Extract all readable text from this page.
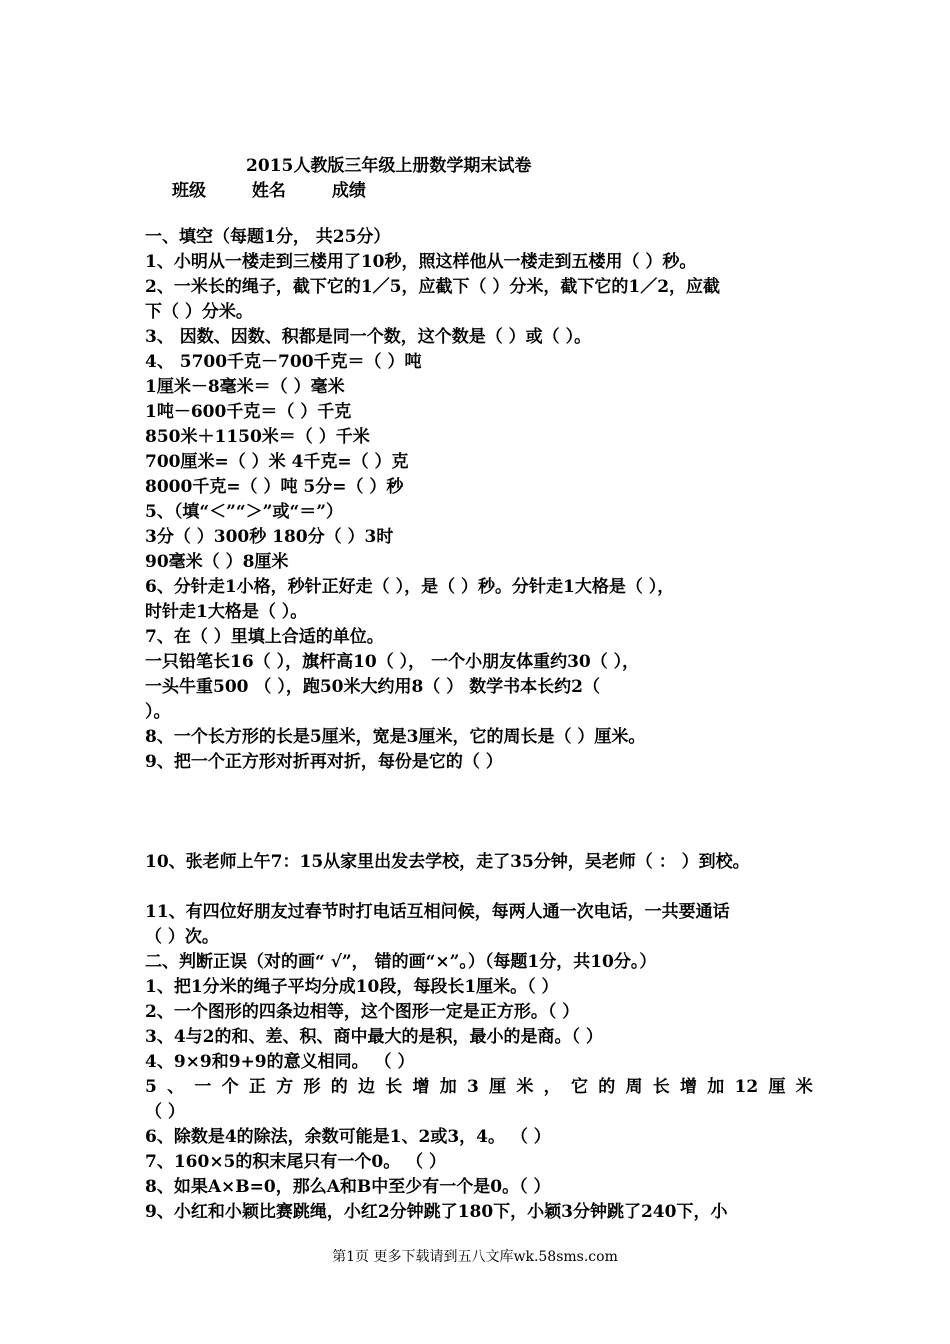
2015人教版三年级上册数学期末试卷
班级	姓名	成绩
一、填空（每题1分， 共25分）
1、小明从一楼走到三楼用了10秒，照这样他从一楼走到五楼用（ ）秒。
2、一米长的绳子，截下它的1／5，应截下（ ）分米，截下它的1／2，应截
下（ ）分米。
3、 因数、因数、积都是同一个数，这个数是（ ）或（ ）。
4、 5700千克－700千克＝（ ）吨
1厘米－8毫米＝（ ）毫米
1吨－600千克＝（ ）千克
850米＋1150米＝（ ）千米
700厘米=（ ）米 4千克=（ ）克
8000千克=（ ）吨 5分=（ ）秒
5、（填“＜”“＞”或“＝”）
3分（ ）300秒 180分（ ）3时
90毫米（ ）8厘米
6、分针走1小格，秒针正好走（ ），是（ ）秒。分针走1大格是（ ），
时针走1大格是（ ）。
7、在（ ）里填上合适的单位。
一只铅笔长16（ ），旗杆高10（ ）， 一个小朋友体重约30（ ），
一头牛重500 （ ），跑50米大约用8（ ） 数学书本长约2（
）。
8、一个长方形的长是5厘米，宽是3厘米，它的周长是（ ）厘米。
9、把一个正方形对折再对折，每份是它的（ ）
10、张老师上午7：15从家里出发去学校，走了35分钟，吴老师（ ： ）到校。
11、有四位好朋友过春节时打电话互相问候，每两人通一次电话，一共要通话
（ ）次。
二、判断正误（对的画“ √”， 错的画“×”。）（每题1分，共10分。）
1、把1分米的绳子平均分成10段，每段长1厘米。（ ）
2、一个图形的四条边相等，这个图形一定是正方形。（ ）
3、4与2的和、差、积、商中最大的是积，最小的是商。（ ）
4、9×9和9+9的意义相同。 （ ）
5 、 一 个 正 方 形 的 边 长 增 加 3 厘 米 ， 它 的 周 长 增 加 12 厘 米
（ ）
6、除数是4的除法，余数可能是1、2或3，4。 （ ）
7、160×5的积末尾只有一个0。 （ ）
8、如果A×B=0，那么A和B中至少有一个是0。（ ）
9、小红和小颖比赛跳绳，小红2分钟跳了180下，小颖3分钟跳了240下，小
第1页 更多下载请到五八文库wk.58sms.com
